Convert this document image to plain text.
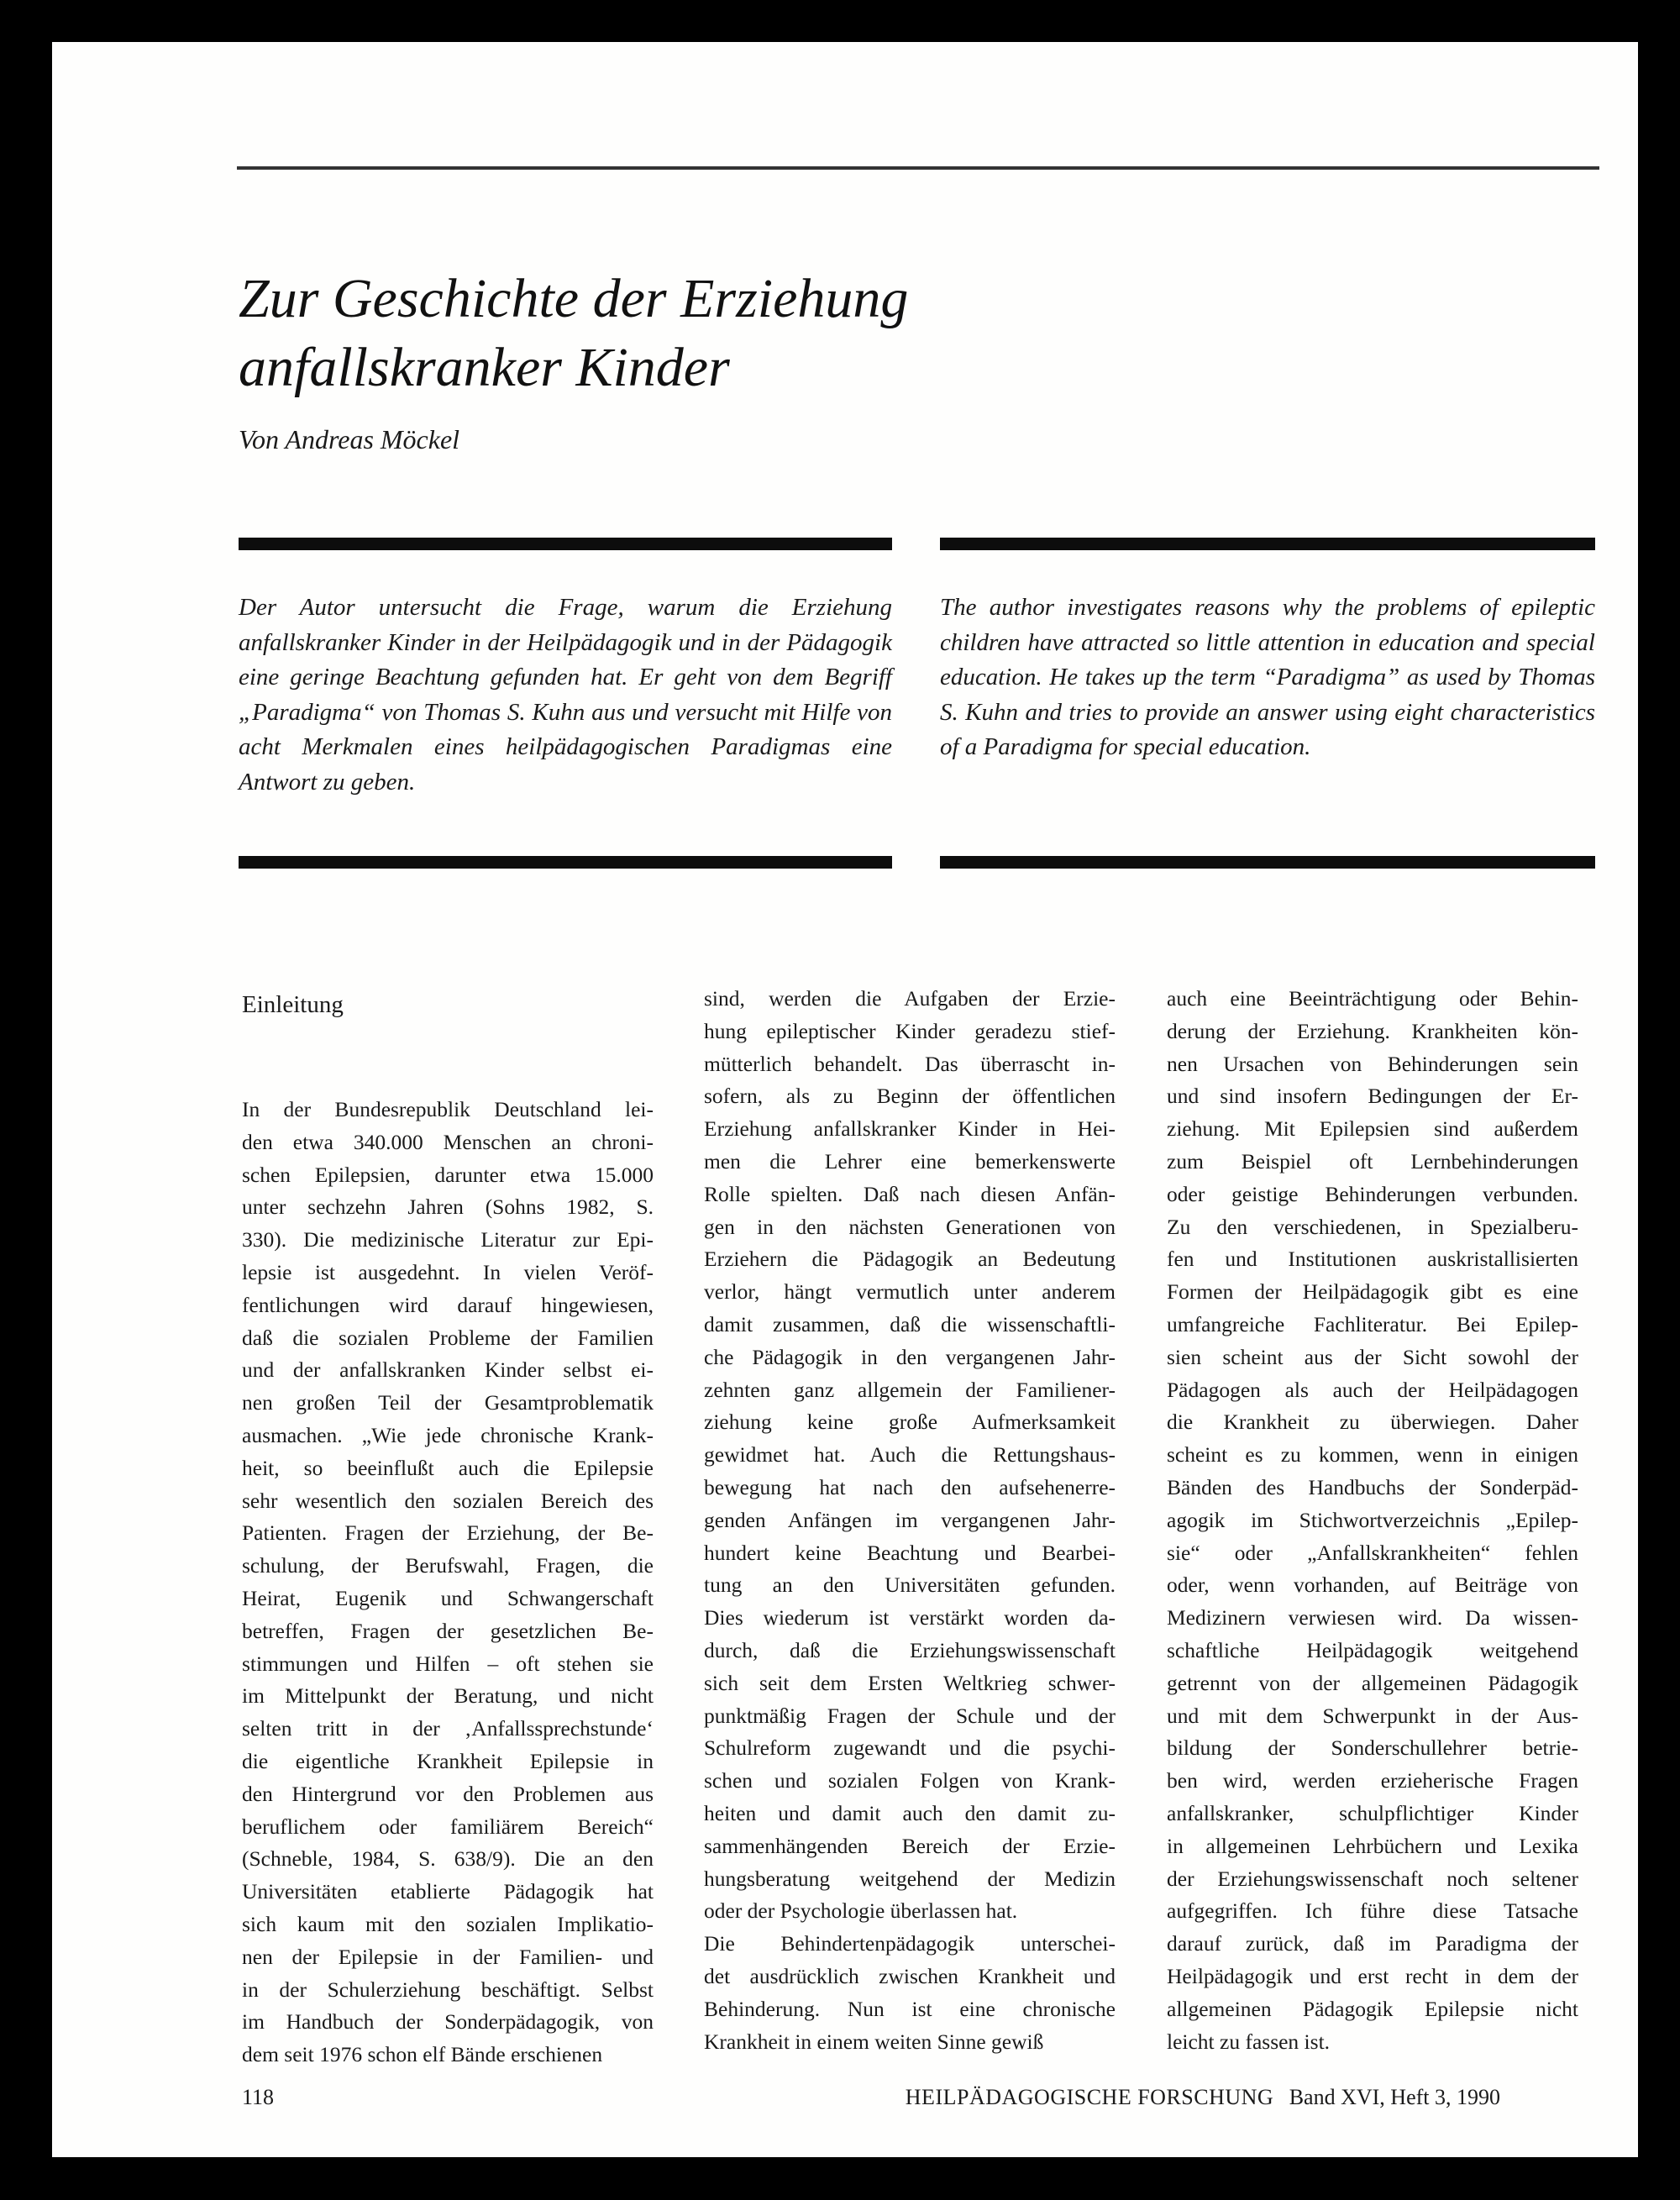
Zur Geschichte der Erziehung
anfallskranker Kinder
Von Andreas Möckel

Der Autor untersucht die Frage, warum die Erziehung anfallskranker Kinder in der Heilpädagogik und in der Pädagogik eine geringe Beachtung gefunden hat. Er geht von dem Begriff „Paradigma“ von Thomas S. Kuhn aus und versucht mit Hilfe von acht Merkmalen eines heilpädagogischen Paradigmas eine Antwort zu geben.

The author investigates reasons why the problems of epileptic children have attracted so little attention in education and special education. He takes up the term “Paradigma” as used by Thomas S. Kuhn and tries to provide an answer using eight characteristics of a Paradigma for special education.

Einleitung

In der Bundesrepublik Deutschland lei-
den etwa 340.000 Menschen an chroni-
schen Epilepsien, darunter etwa 15.000
unter sechzehn Jahren (Sohns 1982, S.
330). Die medizinische Literatur zur Epi-
lepsie ist ausgedehnt. In vielen Veröf-
fentlichungen wird darauf hingewiesen,
daß die sozialen Probleme der Familien
und der anfallskranken Kinder selbst ei-
nen großen Teil der Gesamtproblematik
ausmachen. „Wie jede chronische Krank-
heit, so beeinflußt auch die Epilepsie
sehr wesentlich den sozialen Bereich des
Patienten. Fragen der Erziehung, der Be-
schulung, der Berufswahl, Fragen, die
Heirat, Eugenik und Schwangerschaft
betreffen, Fragen der gesetzlichen Be-
stimmungen und Hilfen – oft stehen sie
im Mittelpunkt der Beratung, und nicht
selten tritt in der ‚Anfallssprechstunde‘
die eigentliche Krankheit Epilepsie in
den Hintergrund vor den Problemen aus
beruflichem oder familiärem Bereich“
(Schneble, 1984, S. 638/9). Die an den
Universitäten etablierte Pädagogik hat
sich kaum mit den sozialen Implikatio-
nen der Epilepsie in der Familien- und
in der Schulerziehung beschäftigt. Selbst
im Handbuch der Sonderpädagogik, von
dem seit 1976 schon elf Bände erschienen

sind, werden die Aufgaben der Erzie-
hung epileptischer Kinder geradezu stief-
mütterlich behandelt. Das überrascht in-
sofern, als zu Beginn der öffentlichen
Erziehung anfallskranker Kinder in Hei-
men die Lehrer eine bemerkenswerte
Rolle spielten. Daß nach diesen Anfän-
gen in den nächsten Generationen von
Erziehern die Pädagogik an Bedeutung
verlor, hängt vermutlich unter anderem
damit zusammen, daß die wissenschaftli-
che Pädagogik in den vergangenen Jahr-
zehnten ganz allgemein der Familiener-
ziehung keine große Aufmerksamkeit
gewidmet hat. Auch die Rettungshaus-
bewegung hat nach den aufsehenerre-
genden Anfängen im vergangenen Jahr-
hundert keine Beachtung und Bearbei-
tung an den Universitäten gefunden.
Dies wiederum ist verstärkt worden da-
durch, daß die Erziehungswissenschaft
sich seit dem Ersten Weltkrieg schwer-
punktmäßig Fragen der Schule und der
Schulreform zugewandt und die psychi-
schen und sozialen Folgen von Krank-
heiten und damit auch den damit zu-
sammenhängenden Bereich der Erzie-
hungsberatung weitgehend der Medizin
oder der Psychologie überlassen hat.
Die Behindertenpädagogik unterschei-
det ausdrücklich zwischen Krankheit und
Behinderung. Nun ist eine chronische
Krankheit in einem weiten Sinne gewiß

auch eine Beeinträchtigung oder Behin-
derung der Erziehung. Krankheiten kön-
nen Ursachen von Behinderungen sein
und sind insofern Bedingungen der Er-
ziehung. Mit Epilepsien sind außerdem
zum Beispiel oft Lernbehinderungen
oder geistige Behinderungen verbunden.
Zu den verschiedenen, in Spezialberu-
fen und Institutionen auskristallisierten
Formen der Heilpädagogik gibt es eine
umfangreiche Fachliteratur. Bei Epilep-
sien scheint aus der Sicht sowohl der
Pädagogen als auch der Heilpädagogen
die Krankheit zu überwiegen. Daher
scheint es zu kommen, wenn in einigen
Bänden des Handbuchs der Sonderpäd-
agogik im Stichwortverzeichnis „Epilep-
sie“ oder „Anfallskrankheiten“ fehlen
oder, wenn vorhanden, auf Beiträge von
Medizinern verwiesen wird. Da wissen-
schaftliche Heilpädagogik weitgehend
getrennt von der allgemeinen Pädagogik
und mit dem Schwerpunkt in der Aus-
bildung der Sonderschullehrer betrie-
ben wird, werden erzieherische Fragen
anfallskranker, schulpflichtiger Kinder
in allgemeinen Lehrbüchern und Lexika
der Erziehungswissenschaft noch seltener
aufgegriffen. Ich führe diese Tatsache
darauf zurück, daß im Paradigma der
Heilpädagogik und erst recht in dem der
allgemeinen Pädagogik Epilepsie nicht
leicht zu fassen ist.

118	HEILPÄDAGOGISCHE FORSCHUNG Band XVI, Heft 3, 1990
